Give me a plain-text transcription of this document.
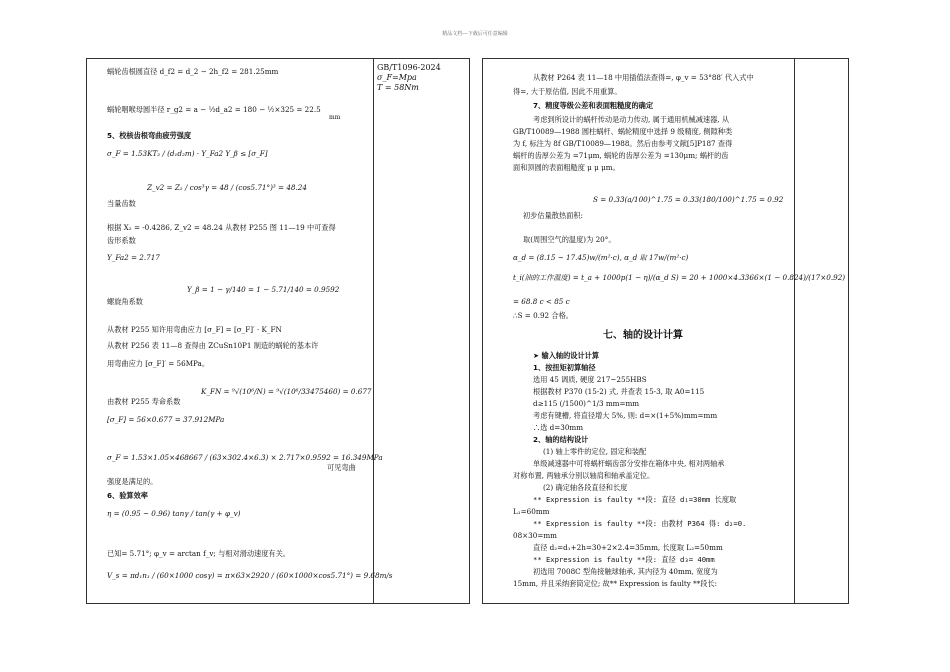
精品文档---下载后可任意编辑
GB/T1096-2024
σ_F=Mpa
T = 58Nm
蜗轮齿根圆直径 d_f2 = d_2 − 2h_f2 = 281.25mm
蜗轮咽喉母圆半径 r_g2 = a − ½d_a2 = 180 − ½×325 = 22.5
mm
5、校核齿根弯曲疲劳强度
σ_F = 1.53KT₂ / (d₁d₂m) · Y_Fa2 Y_β ≤ [σ_F]
当量齿数
Z_v2 = Z₂ / cos³γ = 48 / (cos5.71°)³ = 48.24
根据 X₂ = -0.4286, Z_v2 = 48.24 从教材 P255 图 11—19 中可查得
齿形系数
Y_Fa2 = 2.717
Y_β = 1 − γ/140 = 1 − 5.71/140 = 0.9592
螺旋角系数
从教材 P255 知许用弯曲应力 [σ_F] = [σ_F]′ · K_FN
从教材 P256 表 11—8 查得由 ZCuSn10P1 制造的蜗轮的基本许
用弯曲应力 [σ_F]′ = 56MPa。
由教材 P255 寿命系数
K_FN = ⁹√(10⁶/N) = ⁹√(10⁶/33475460) = 0.677
[σ_F] = 56×0.677 = 37.912MPa
σ_F = 1.53×1.05×468667 / (63×302.4×6.3) × 2.717×0.9592 = 16.349MPa
可见弯曲
强度是满足的。
6、验算效率
η = (0.95 ~ 0.96) tanγ / tan(γ + φ_v)
已知= 5.71°; φ_v = arctan f_v; 与相对滑动速度有关。
V_s = πd₁n₁ / (60×1000 cosγ) = π×63×2920 / (60×1000×cos5.71°) = 9.68m/s
从教材 P264 表 11—18 中用插值法查得=, φ_v = 53°88′ 代入式中
得=, 大于原估值, 因此不用重算。
7、精度等级公差和表面粗糙度的确定
考虑到所设计的蜗杆传动是动力传动, 属于通用机械减速器, 从
GB/T10089—1988 圆柱蜗杆、蜗轮精度中选择 9 级精度, 侧隙种类
为 f, 标注为 8f GB/T10089—1988。然后由参考文献[5]P187 查得
蜗杆的齿厚公差为 =71μm, 蜗轮的齿厚公差为 =130μm; 蜗杆的齿
面和顶圆的表面粗糙度 μ μ μm。
S = 0.33(a/100)^1.75 = 0.33(180/100)^1.75 = 0.92
初步估量散热面积:
取(周围空气的温度)为 20°。
α_d = (8.15 ~ 17.45)w/(m²·c), α_d 取 17w/(m²·c)
t_i(油的工作温度) = t_a + 1000p(1 − η)/(α_d S) = 20 + 1000×4.3366×(1 − 0.824)/(17×0.92)
= 68.8 c < 85 c
∴S = 0.92 合格。
七、轴的设计计算
➤ 输入轴的设计计算
1、按扭矩初算轴径
选用 45 调质, 硬度 217~255HBS
根据教材 P370 (15-2) 式, 并查表 15-3, 取 A0=115
d≥115 (/1500)^1/3 mm=mm
考虑有键槽, 将直径增大 5%, 则: d=×(1+5%)mm=mm
∴选 d=30mm
2、轴的结构设计
(1) 轴上零件的定位, 固定和装配
单级减速器中可将蜗杆蜗齿部分安排在箱体中央, 相对两轴承
对称布置, 两轴承分别以轴肩和轴承盖定位。
(2) 确定轴各段直径和长度
** Expression is faulty **段: 直径 d₁=30mm 长度取
L₁=60mm
** Expression is faulty **段: 由教材 P364 得: d₂=0.
08×30=mm
直径 d₂=d₁+2h=30+2×2.4=35mm, 长度取 L₂=50mm
** Expression is faulty **段: 直径 d₃= 40mm
初选用 7008C 型角接触球轴承, 其内径为 40mm, 宽度为
15mm, 并且采纳套筒定位; 故** Expression is faulty **段长:
